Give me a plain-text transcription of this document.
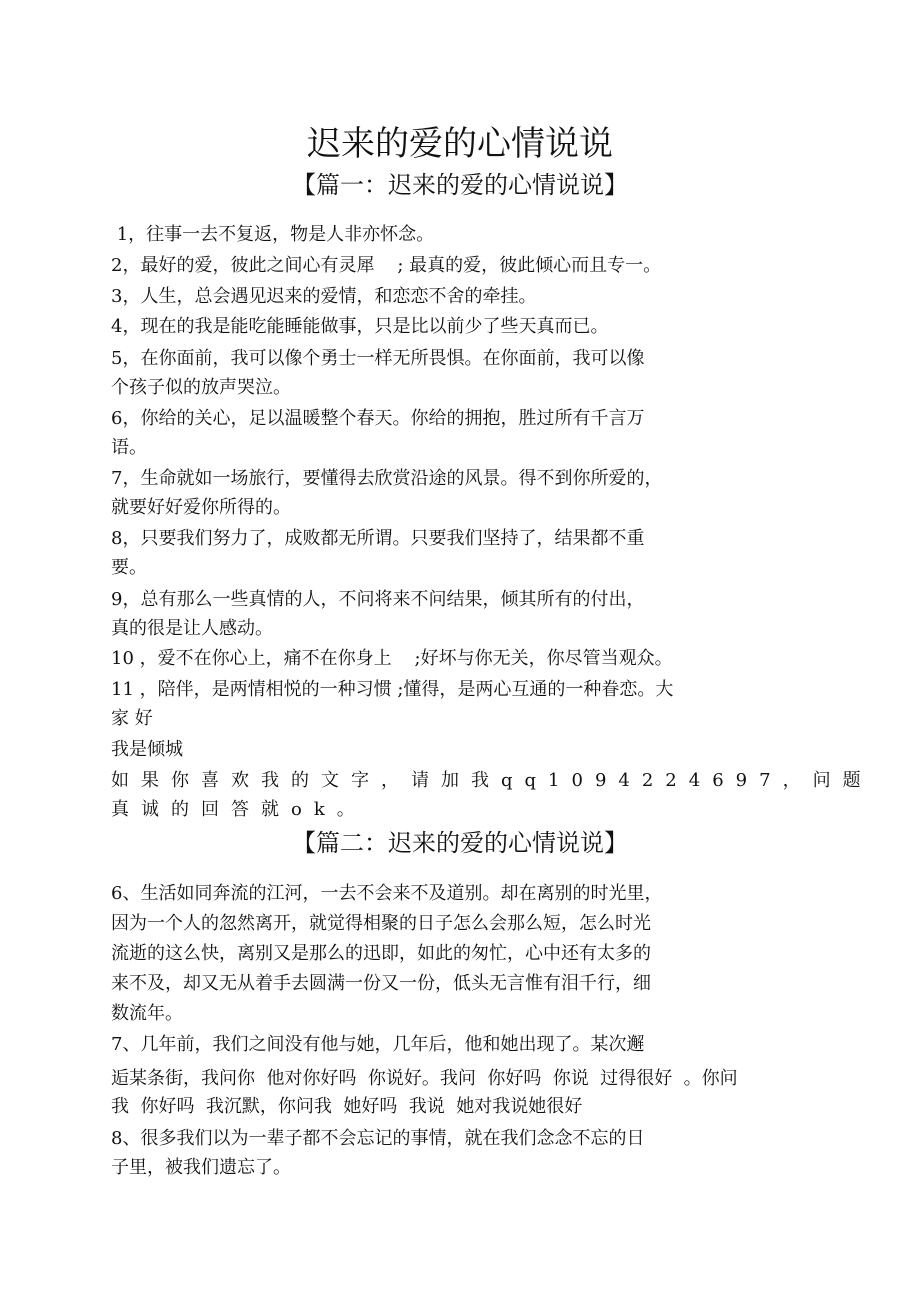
迟来的爱的心情说说
【篇一：迟来的爱的心情说说】
1，往事一去不复返，物是人非亦怀念。
2，最好的爱，彼此之间心有灵犀    ; 最真的爱，彼此倾心而且专一。
3，人生，总会遇见迟来的爱情，和恋恋不舍的牵挂。
4，现在的我是能吃能睡能做事，只是比以前少了些天真而已。
5，在你面前，我可以像个勇士一样无所畏惧。在你面前，我可以像
个孩子似的放声哭泣。
6，你给的关心，足以温暖整个春天。你给的拥抱，胜过所有千言万
语。
7，生命就如一场旅行，要懂得去欣赏沿途的风景。得不到你所爱的，
就要好好爱你所得的。
8，只要我们努力了，成败都无所谓。只要我们坚持了，结果都不重
要。
9，总有那么一些真情的人，不问将来不问结果，倾其所有的付出，
真的很是让人感动。
10 ，爱不在你心上，痛不在你身上    ;好坏与你无关，你尽管当观众。
11 ，陪伴，是两情相悦的一种习惯 ;懂得，是两心互通的一种眷恋。大
家 好
我是倾城
如果你喜欢我的文字，请加我qq1094224697，问题
真诚的回答就ok。
【篇二：迟来的爱的心情说说】
6、生活如同奔流的江河，一去不会来不及道别。却在离别的时光里，
因为一个人的忽然离开，就觉得相聚的日子怎么会那么短，怎么时光
流逝的这么快，离别又是那么的迅即，如此的匆忙，心中还有太多的
来不及，却又无从着手去圆满一份又一份，低头无言惟有泪千行，细
数流年。
7、几年前，我们之间没有他与她，几年后，他和她出现了。某次邂
逅某条街，我问你  他对你好吗  你说好。我问  你好吗  你说  过得很好  。你问
我  你好吗  我沉默，你问我  她好吗  我说  她对我说她很好
8、很多我们以为一辈子都不会忘记的事情，就在我们念念不忘的日
子里，被我们遗忘了。
